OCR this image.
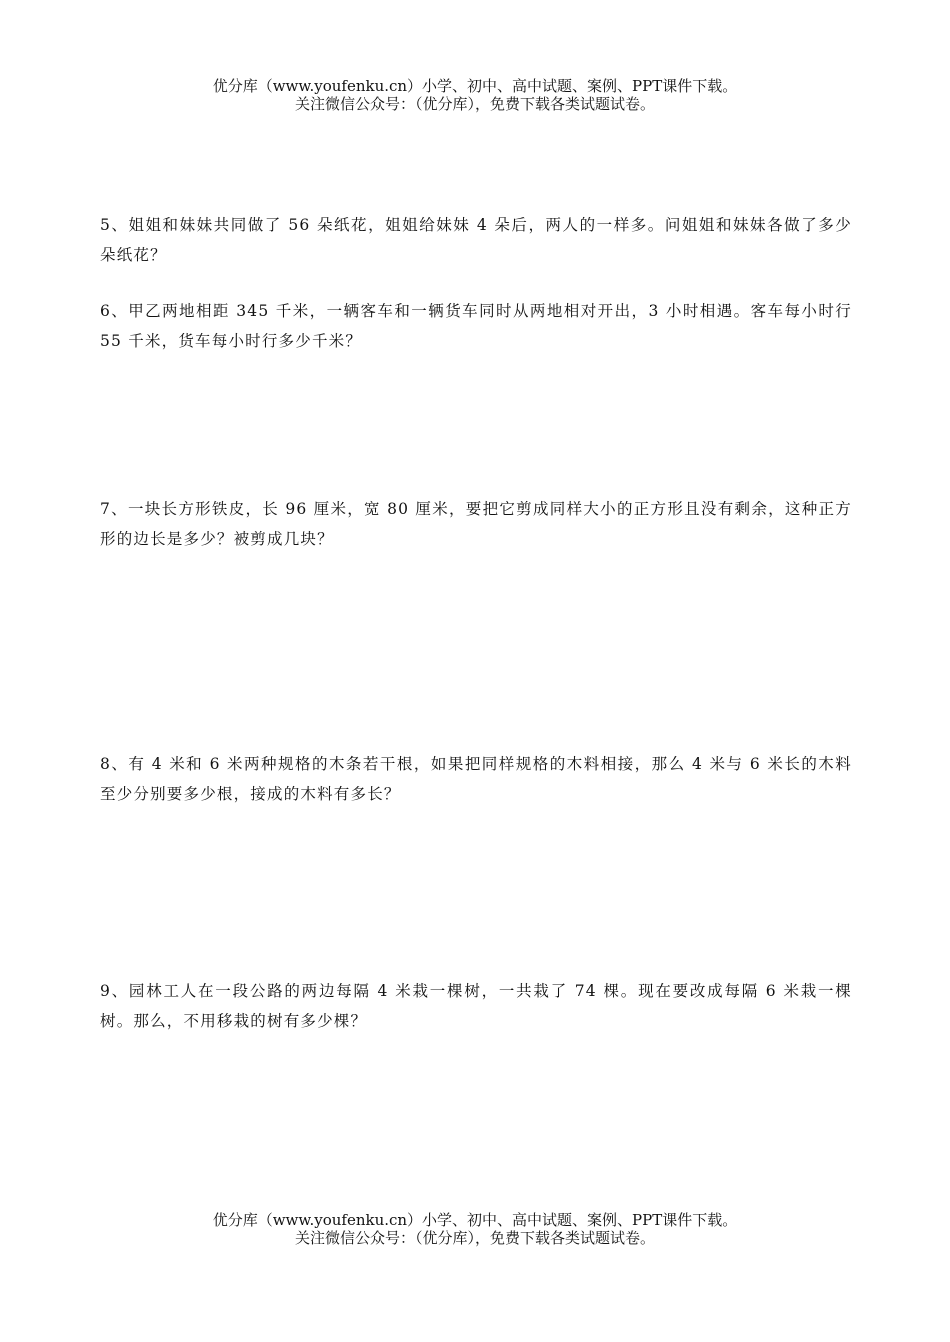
优分库（www.youfenku.cn）小学、初中、高中试题、案例、PPT课件下载。
关注微信公众号：（优分库），免费下载各类试题试卷。
5、姐姐和妹妹共同做了 56 朵纸花，姐姐给妹妹 4 朵后，两人的一样多。问姐姐和妹妹各做了多少朵纸花？
6、甲乙两地相距 345 千米，一辆客车和一辆货车同时从两地相对开出，3 小时相遇。客车每小时行 55 千米，货车每小时行多少千米？
7、一块长方形铁皮，长 96 厘米，宽 80 厘米，要把它剪成同样大小的正方形且没有剩余，这种正方形的边长是多少？被剪成几块？
8、有 4 米和 6 米两种规格的木条若干根，如果把同样规格的木料相接，那么 4 米与 6 米长的木料至少分别要多少根，接成的木料有多长？
9、园林工人在一段公路的两边每隔 4 米栽一棵树，一共栽了 74 棵。现在要改成每隔 6 米栽一棵树。那么，不用移栽的树有多少棵？
优分库（www.youfenku.cn）小学、初中、高中试题、案例、PPT课件下载。
关注微信公众号：（优分库），免费下载各类试题试卷。
